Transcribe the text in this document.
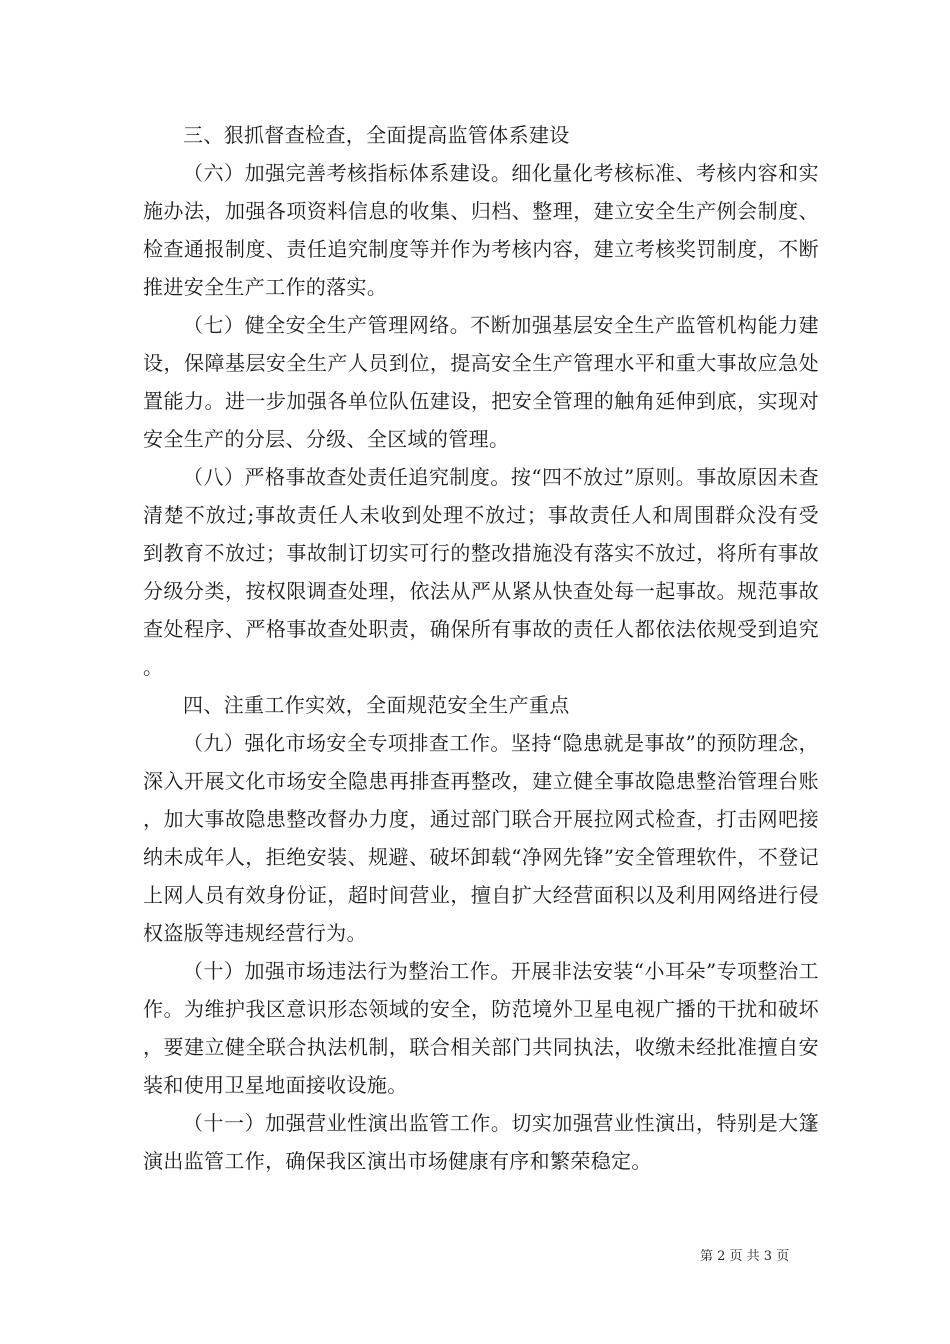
三、狠抓督查检查，全面提高监管体系建设

（六）加强完善考核指标体系建设。细化量化考核标准、考核内容和实施办法，加强各项资料信息的收集、归档、整理，建立安全生产例会制度、检查通报制度、责任追究制度等并作为考核内容，建立考核奖罚制度，不断推进安全生产工作的落实。

（七）健全安全生产管理网络。不断加强基层安全生产监管机构能力建设，保障基层安全生产人员到位，提高安全生产管理水平和重大事故应急处置能力。进一步加强各单位队伍建设，把安全管理的触角延伸到底，实现对安全生产的分层、分级、全区域的管理。

（八）严格事故查处责任追究制度。按“四不放过”原则。事故原因未查清楚不放过;事故责任人未收到处理不放过；事故责任人和周围群众没有受到教育不放过；事故制订切实可行的整改措施没有落实不放过，将所有事故分级分类，按权限调查处理，依法从严从紧从快查处每一起事故。规范事故查处程序、严格事故查处职责，确保所有事故的责任人都依法依规受到追究。

四、注重工作实效，全面规范安全生产重点

（九）强化市场安全专项排查工作。坚持“隐患就是事故”的预防理念，深入开展文化市场安全隐患再排查再整改，建立健全事故隐患整治管理台账，加大事故隐患整改督办力度，通过部门联合开展拉网式检查，打击网吧接纳未成年人，拒绝安装、规避、破坏卸载“净网先锋”安全管理软件，不登记上网人员有效身份证，超时间营业，擅自扩大经营面积以及利用网络进行侵权盗版等违规经营行为。

（十）加强市场违法行为整治工作。开展非法安装“小耳朵”专项整治工作。为维护我区意识形态领域的安全，防范境外卫星电视广播的干扰和破坏，要建立健全联合执法机制，联合相关部门共同执法，收缴未经批准擅自安装和使用卫星地面接收设施。

（十一）加强营业性演出监管工作。切实加强营业性演出，特别是大篷演出监管工作，确保我区演出市场健康有序和繁荣稳定。

第 2 页 共 3 页
